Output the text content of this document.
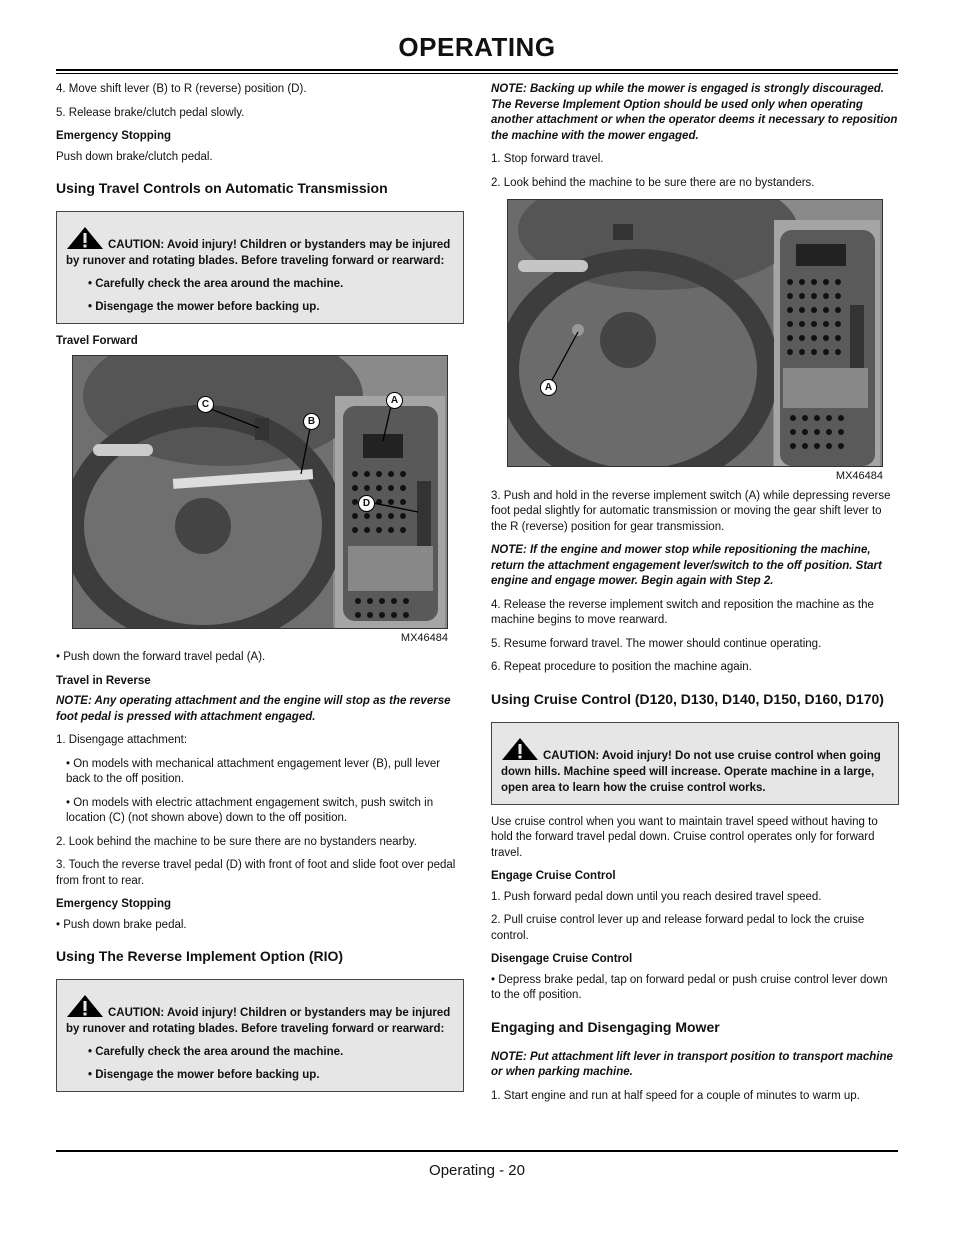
OPERATING

4. Move shift lever (B) to R (reverse) position (D).

5. Release brake/clutch pedal slowly.

Emergency Stopping

Push down brake/clutch pedal.

Using Travel Controls on Automatic Transmission
CAUTION: Avoid injury! Children or bystanders may be injured by runover and rotating blades. Before traveling forward or rearward:
• Carefully check the area around the machine.
• Disengage the mower before backing up.
Travel Forward
C
B
A
D
MX46484

• Push down the forward travel pedal (A).

Travel in Reverse

NOTE: Any operating attachment and the engine will stop as the reverse foot pedal is pressed with attachment engaged.

1. Disengage attachment:

• On models with mechanical attachment engagement lever (B), pull lever back to the off position.

• On models with electric attachment engagement switch, push switch in location (C) (not shown above) down to the off position.

2. Look behind the machine to be sure there are no bystanders nearby.

3. Touch the reverse travel pedal (D) with front of foot and slide foot over pedal from front to rear.

Emergency Stopping

• Push down brake pedal.

Using The Reverse Implement Option (RIO)
CAUTION: Avoid injury! Children or bystanders may be injured by runover and rotating blades. Before traveling forward or rearward:
• Carefully check the area around the machine.
• Disengage the mower before backing up.

NOTE: Backing up while the mower is engaged is strongly discouraged. The Reverse Implement Option should be used only when operating another attachment or when the operator deems it necessary to reposition the machine with the mower engaged.

1. Stop forward travel.

2. Look behind the machine to be sure there are no bystanders.

A
MX46484

3. Push and hold in the reverse implement switch (A) while depressing reverse foot pedal slightly for automatic transmission or moving the gear shift lever to the R (reverse) position for gear transmission.

NOTE: If the engine and mower stop while repositioning the machine, return the attachment engagement lever/switch to the off position. Start engine and engage mower. Begin again with Step 2.

4. Release the reverse implement switch and reposition the machine as the machine begins to move rearward.

5. Resume forward travel. The mower should continue operating.

6. Repeat procedure to position the machine again.

Using Cruise Control (D120, D130, D140, D150, D160, D170)
CAUTION: Avoid injury! Do not use cruise control when going down hills. Machine speed will increase. Operate machine in a large, open area to learn how the cruise control works.

Use cruise control when you want to maintain travel speed without having to hold the forward travel pedal down. Cruise control operates only for forward travel.

Engage Cruise Control

1. Push forward pedal down until you reach desired travel speed.

2. Pull cruise control lever up and release forward pedal to lock the cruise control.

Disengage Cruise Control

• Depress brake pedal, tap on forward pedal or push cruise control lever down to the off position.

Engaging and Disengaging Mower

NOTE: Put attachment lift lever in transport position to transport machine or when parking machine.

1. Start engine and run at half speed for a couple of minutes to warm up.

Operating - 20
